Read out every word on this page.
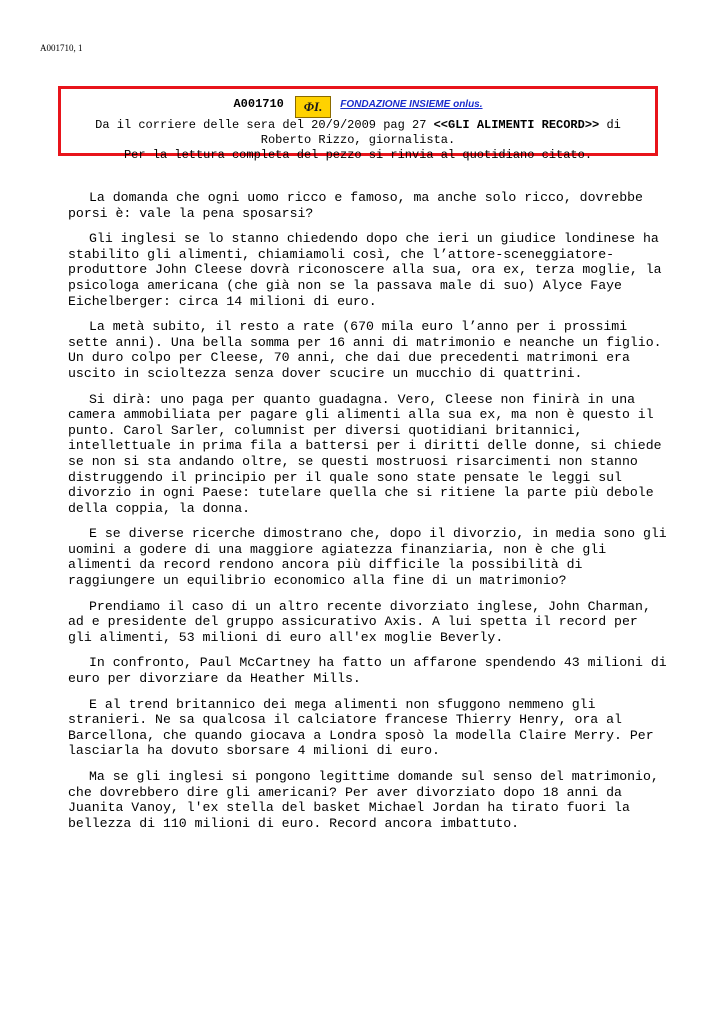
A001710, 1
A001710 ΦI. FONDAZIONE INSIEME onlus.
Da il corriere delle sera del 20/9/2009 pag 27 <<GLI ALIMENTI RECORD>> di
Roberto Rizzo, giornalista.
Per la lettura completa del pezzo si rinvia al quotidiano citato.

La domanda che ogni uomo ricco e famoso, ma anche solo ricco, dovrebbe porsi è: vale la pena sposarsi?

Gli inglesi se lo stanno chiedendo dopo che ieri un giudice londinese ha stabilito gli alimenti, chiamiamoli così, che l’attore-sceneggiatore-produttore John Cleese dovrà riconoscere alla sua, ora ex, terza moglie, la psicologa americana (che già non se la passava male di suo) Alyce Faye Eichelberger: circa 14 milioni di euro.

La metà subito, il resto a rate (670 mila euro l’anno per i prossimi sette anni). Una bella somma per 16 anni di matrimonio e neanche un figlio. Un duro colpo per Cleese, 70 anni, che dai due precedenti matrimoni era uscito in scioltezza senza dover scucire un mucchio di quattrini.

Si dirà: uno paga per quanto guadagna. Vero, Cleese non finirà in una camera ammobiliata per pagare gli alimenti alla sua ex, ma non è questo il punto. Carol Sarler, columnist per diversi quotidiani britannici, intellettuale in prima fila a battersi per i diritti delle donne, si chiede se non si sta andando oltre, se questi mostruosi risarcimenti non stanno distruggendo il principio per il quale sono state pensate le leggi sul divorzio in ogni Paese: tutelare quella che si ritiene la parte più debole della coppia, la donna.

E se diverse ricerche dimostrano che, dopo il divorzio, in media sono gli uomini a godere di una maggiore agiatezza finanziaria, non è che gli alimenti da record rendono ancora più difficile la possibilità di raggiungere un equilibrio economico alla fine di un matrimonio?

Prendiamo il caso di un altro recente divorziato inglese, John Charman, ad e presidente del gruppo assicurativo Axis. A lui spetta il record per gli alimenti, 53 milioni di euro all'ex moglie Beverly.

In confronto, Paul McCartney ha fatto un affarone spendendo 43 milioni di euro per divorziare da Heather Mills.

E al trend britannico dei mega alimenti non sfuggono nemmeno gli stranieri. Ne sa qualcosa il calciatore francese Thierry Henry, ora al Barcellona, che quando giocava a Londra sposò la modella Claire Merry. Per lasciarla ha dovuto sborsare 4 milioni di euro.

Ma se gli inglesi si pongono legittime domande sul senso del matrimonio, che dovrebbero dire gli americani? Per aver divorziato dopo 18 anni da Juanita Vanoy, l'ex stella del basket Michael Jordan ha tirato fuori la bellezza di 110 milioni di euro. Record ancora imbattuto.
